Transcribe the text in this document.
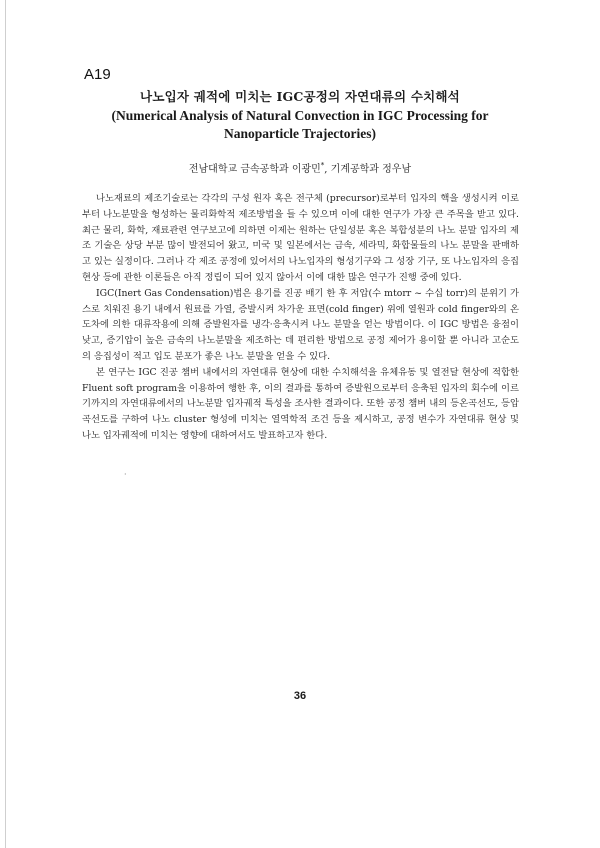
A19
나노입자 궤적에 미치는 IGC공정의 자연대류의 수치해석
(Numerical Analysis of Natural Convection in IGC Processing for
Nanoparticle Trajectories)
전남대학교 금속공학과 이광민*, 기계공학과 정우남

나노재료의 제조기술로는 각각의 구성 원자 혹은 전구체 (precursor)로부터 입자의 핵을 생성시켜 이로부터 나노분말을 형성하는 물리화학적 제조방법을 들 수 있으며 이에 대한 연구가 가장 큰 주목을 받고 있다. 최근 물리, 화학, 재료관련 연구보고에 의하면 이제는 원하는 단일성분 혹은 복합성분의 나노 분말 입자의 제조 기술은 상당 부분 많이 발전되어 왔고, 미국 및 일본에서는 금속, 세라믹, 화합물들의 나노 분말을 판매하고 있는 실정이다. 그러나 각 제조 공정에 있어서의 나노입자의 형성기구와 그 성장 기구, 또 나노입자의 응집현상 등에 관한 이론들은 아직 정립이 되어 있지 않아서 이에 대한 많은 연구가 진행 중에 있다.

IGC(Inert Gas Condensation)법은 용기를 진공 배기 한 후 저압(수 mtorr ~ 수십 torr)의 분위기 가스로 치워진 용기 내에서 원료를 가열, 증발시켜 차가운 표면(cold finger) 위에 열원과 cold finger와의 온도차에 의한 대류작용에 의해 증발원자를 냉각·응축시켜 나노 분말을 얻는 방법이다. 이 IGC 방법은 융점이 낮고, 증기압이 높은 금속의 나노분말을 제조하는 데 편리한 방법으로 공정 제어가 용이할 뿐 아니라 고순도의 응집성이 적고 입도 분포가 좋은 나노 분말을 얻을 수 있다.

본 연구는 IGC 진공 챔버 내에서의 자연대류 현상에 대한 수치해석을 유체유동 및 열전달 현상에 적합한 Fluent soft program을 이용하여 행한 후, 이의 결과를 통하여 증발원으로부터 응축된 입자의 회수에 이르기까지의 자연대류에서의 나노분말 입자궤적 특성을 조사한 결과이다. 또한 공정 챔버 내의 등온곡선도, 등압곡선도를 구하여 나노 cluster 형성에 미치는 열역학적 조건 등을 제시하고, 공정 변수가 자연대류 현상 및 나노 입자궤적에 미치는 영향에 대하여서도 발표하고자 한다.

·
36
